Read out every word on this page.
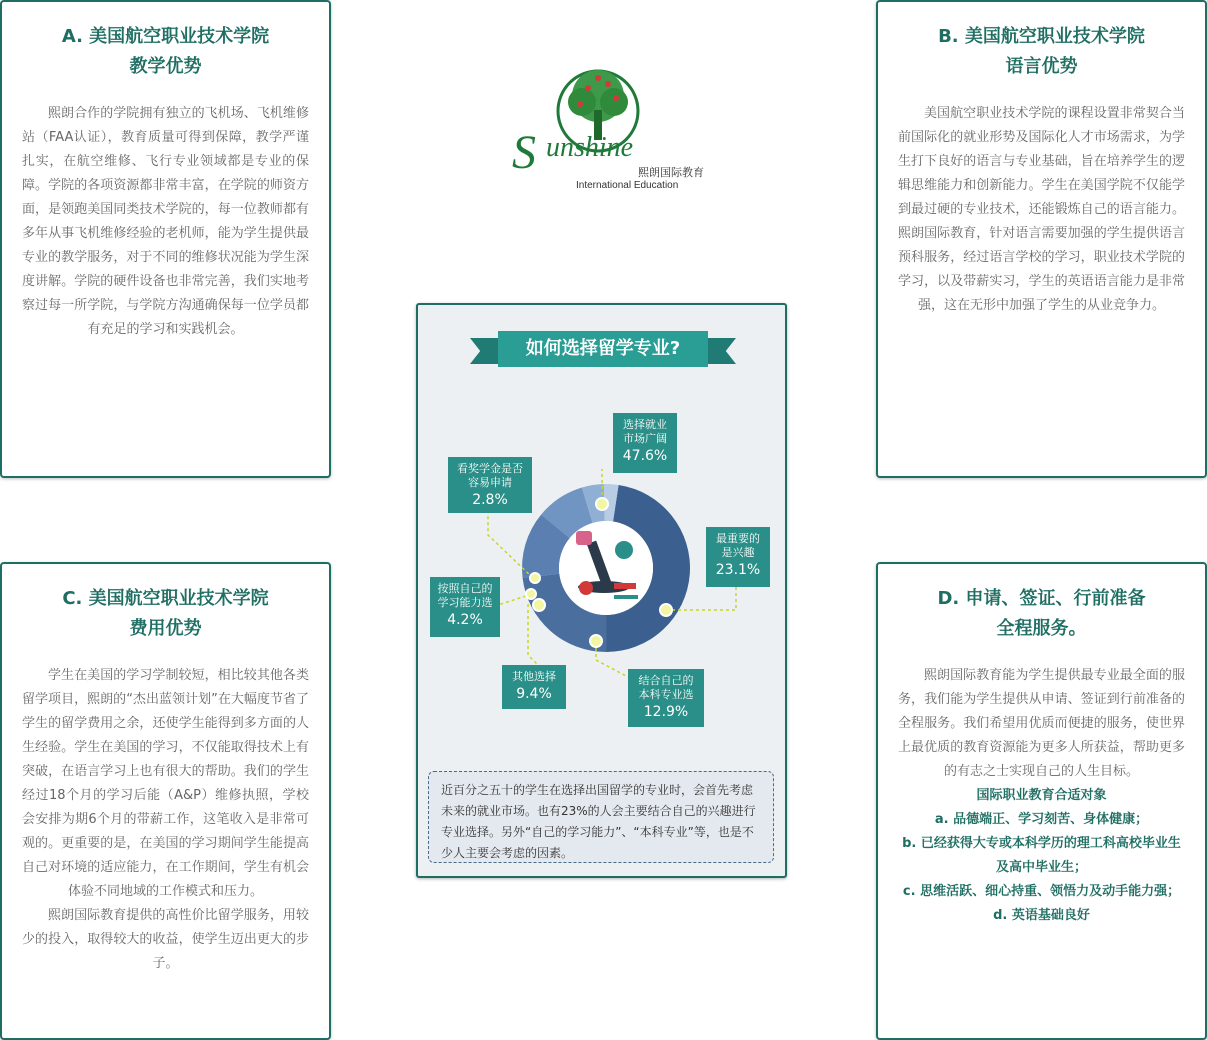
A. 美国航空职业技术学院
教学优势

熙朗合作的学院拥有独立的飞机场、飞机维修站（FAA认证），教育质量可得到保障，教学严谨扎实，在航空维修、飞行专业领域都是专业的保障。学院的各项资源都非常丰富，在学院的师资方面，是领跑美国同类技术学院的，每一位教师都有多年从事飞机维修经验的老机师，能为学生提供最专业的教学服务，对于不同的维修状况能为学生深度讲解。学院的硬件设备也非常完善，我们实地考察过每一所学院，与学院方沟通确保每一位学员都有充足的学习和实践机会。

B. 美国航空职业技术学院
语言优势

美国航空职业技术学院的课程设置非常契合当前国际化的就业形势及国际化人才市场需求，为学生打下良好的语言与专业基础，旨在培养学生的逻辑思维能力和创新能力。学生在美国学院不仅能学到最过硬的专业技术，还能锻炼自己的语言能力。熙朗国际教育，针对语言需要加强的学生提供语言预科服务，经过语言学校的学习，职业技术学院的学习，以及带薪实习，学生的英语语言能力是非常强，这在无形中加强了学生的从业竞争力。

C. 美国航空职业技术学院
费用优势

学生在美国的学习学制较短，相比较其他各类留学项目，熙朗的“杰出蓝领计划”在大幅度节省了学生的留学费用之余，还使学生能得到多方面的人生经验。学生在美国的学习，不仅能取得技术上有突破，在语言学习上也有很大的帮助。我们的学生经过18个月的学习后能（A&P）维修执照，学校会安排为期6个月的带薪工作，这笔收入是非常可观的。更重要的是，在美国的学习期间学生能提高自己对环境的适应能力，在工作期间，学生有机会体验不同地域的工作模式和压力。

熙朗国际教育提供的高性价比留学服务，用较少的投入，取得较大的收益，使学生迈出更大的步子。

D. 申请、签证、行前准备
全程服务。

熙朗国际教育能为学生提供最专业最全面的服务，我们能为学生提供从申请、签证到行前准备的全程服务。我们希望用优质而便捷的服务，使世界上最优质的教育资源能为更多人所获益，帮助更多的有志之士实现自己的人生目标。

国际职业教育合适对象

a. 品德端正、学习刻苦、身体健康；

b. 已经获得大专或本科学历的理工科高校毕业生及高中毕业生；

c. 思维活跃、细心持重、领悟力及动手能力强；

d. 英语基础良好

S unshine
熙朗国际教育
International Education
如何选择留学专业?
选择就业
市场广阔
47.6%
最重要的
是兴趣
23.1%
结合自己的
本科专业选
12.9%
其他选择
9.4%
按照自己的
学习能力选
4.2%
看奖学金是否
容易申请
2.8%
近百分之五十的学生在选择出国留学的专业时，会首先考虑未来的就业市场。也有23%的人会主要结合自己的兴趣进行专业选择。另外“自己的学习能力”、“本科专业”等，也是不少人主要会考虑的因素。
